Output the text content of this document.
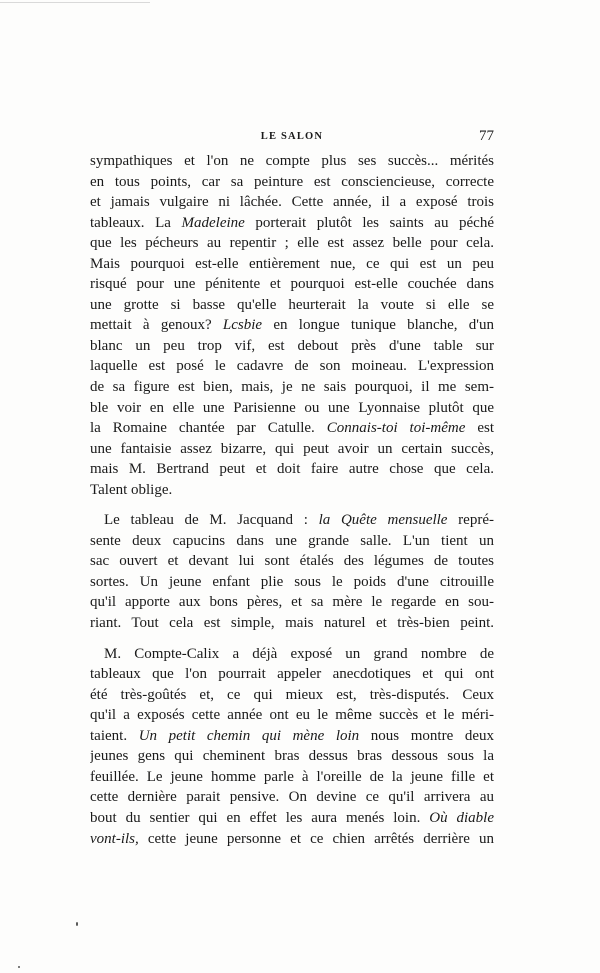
LE SALON	77
sympathiques et l'on ne compte plus ses succès... mérités
en tous points, car sa peinture est consciencieuse, correcte
et jamais vulgaire ni lâchée. Cette année, il a exposé trois
tableaux. La Madeleine porterait plutôt les saints au péché
que les pécheurs au repentir ; elle est assez belle pour cela.
Mais pourquoi est-elle entièrement nue, ce qui est un peu
risqué pour une pénitente et pourquoi est-elle couchée dans
une grotte si basse qu'elle heurterait la voute si elle se
mettait à genoux? Lcsbie en longue tunique blanche, d'un
blanc un peu trop vif, est debout près d'une table sur
laquelle est posé le cadavre de son moineau. L'expression
de sa figure est bien, mais, je ne sais pourquoi, il me sem-
ble voir en elle une Parisienne ou une Lyonnaise plutôt que
la Romaine chantée par Catulle. Connais-toi toi-même est
une fantaisie assez bizarre, qui peut avoir un certain succès,
mais M. Bertrand peut et doit faire autre chose que cela.
Talent oblige.
Le tableau de M. Jacquand : la Quête mensuelle repré-
sente deux capucins dans une grande salle. L'un tient un
sac ouvert et devant lui sont étalés des légumes de toutes
sortes. Un jeune enfant plie sous le poids d'une citrouille
qu'il apporte aux bons pères, et sa mère le regarde en sou-
riant. Tout cela est simple, mais naturel et très-bien peint.
M. Compte-Calix a déjà exposé un grand nombre de
tableaux que l'on pourrait appeler anecdotiques et qui ont
été très-goûtés et, ce qui mieux est, très-disputés. Ceux
qu'il a exposés cette année ont eu le même succès et le méri-
taient. Un petit chemin qui mène loin nous montre deux
jeunes gens qui cheminent bras dessus bras dessous sous la
feuillée. Le jeune homme parle à l'oreille de la jeune fille et
cette dernière parait pensive. On devine ce qu'il arrivera au
bout du sentier qui en effet les aura menés loin. Où diable
vont-ils, cette jeune personne et ce chien arrêtés derrière un
